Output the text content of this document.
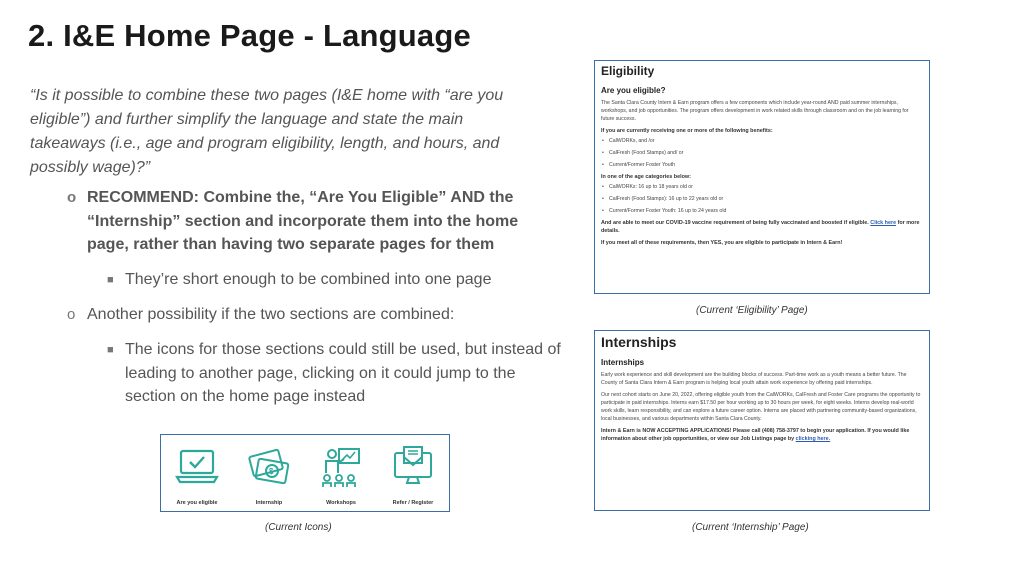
2. I&E Home Page - Language
“Is it possible to combine these two pages (I&E home with “are you eligible”) and further simplify the language and state the main takeaways (i.e., age and program eligibility, length, and hours, and possibly wage)?”
o RECOMMEND: Combine the, “Are You Eligible” AND the “Internship” section and incorporate them into the home page, rather than having two separate pages for them
■ They’re short enough to be combined into one page
o Another possibility if the two sections are combined:
■ The icons for those sections could still be used, but instead of leading to another page, clicking on it could jump to the section on the home page instead
Eligibility
Are you eligible?
The Santa Clara County Intern & Earn program offers a few components which include year-round AND paid summer internships, workshops, and job opportunities. The program offers development in work related skills through classroom and on the job learning for future success.
If you are currently receiving one or more of the following benefits:
• CalWORKs, and /or
• CalFresh (Food Stamps) and/ or
• Current/Former Foster Youth
In one of the age categories below:
• CalWORKs: 16 up to 18 years old or
• CalFresh (Food Stamps): 16 up to 22 years old or
• Current/Former Foster Youth: 16 up to 24 years old
And are able to meet our COVID-19 vaccine requirement of being fully vaccinated and boosted if eligible. Click here for more details.
If you meet all of these requirements, then YES, you are eligible to participate in Intern & Earn!
(Current ‘Eligibility’ Page)
Internships
Internships
Early work experience and skill development are the building blocks of success. Part-time work as a youth means a better future. The County of Santa Clara Intern & Earn program is helping local youth attain work experience by offering paid internships.
Our next cohort starts on June 20, 2022, offering eligible youth from the CalWORKs, CalFresh and Foster Care programs the opportunity to participate in paid internships. Interns earn $17.50 per hour working up to 30 hours per week, for eight weeks. Interns develop real-world work skills, learn responsibility, and can explore a future career option. Interns are placed with partnering community-based organizations, local businesses, and various departments within Santa Clara County.
Intern & Earn is NOW ACCEPTING APPLICATIONS! Please call (408) 758-3797 to begin your application. If you would like information about other job opportunities, or view our Job Listings page by clicking here.
(Current ‘Internship’ Page)
Are you eligible
$
Internship	Workshops	Refer / Register
(Current Icons)
